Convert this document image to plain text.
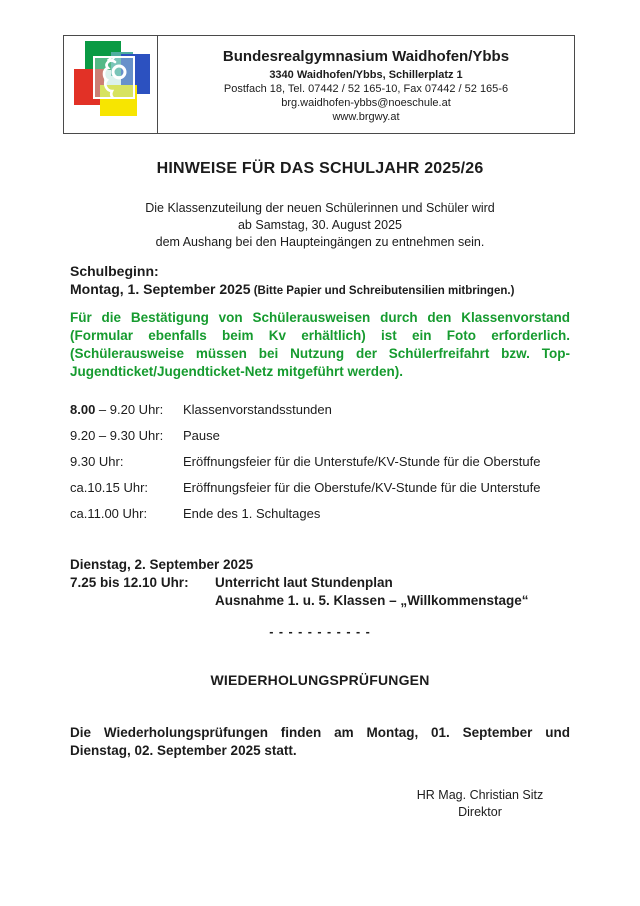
Bundesrealgymnasium Waidhofen/Ybbs
3340 Waidhofen/Ybbs, Schillerplatz 1
Postfach 18, Tel. 07442 / 52 165-10, Fax 07442 / 52 165-6
brg.waidhofen-ybbs@noeschule.at
www.brgwy.at
HINWEISE FÜR DAS SCHULJAHR 2025/26
Die Klassenzuteilung der neuen Schülerinnen und Schüler wird
ab Samstag, 30. August 2025
dem Aushang bei den Haupteingängen zu entnehmen sein.
Schulbeginn:
Montag, 1. September 2025 (Bitte Papier und Schreibutensilien mitbringen.)
Für die Bestätigung von Schülerausweisen durch den Klassenvorstand
(Formular ebenfalls beim Kv erhältlich) ist ein Foto erforderlich.
(Schülerausweise müssen bei Nutzung der Schülerfreifahrt bzw. Top-
Jugendticket/Jugendticket-Netz mitgeführt werden).
8.00 – 9.20 Uhr:	Klassenvorstandsstunden
9.20 – 9.30 Uhr:	Pause
9.30 Uhr:	Eröffnungsfeier für die Unterstufe/KV-Stunde für die Oberstufe
ca.10.15 Uhr:	Eröffnungsfeier für die Oberstufe/KV-Stunde für die Unterstufe
ca.11.00 Uhr:	Ende des 1. Schultages
Dienstag, 2. September 2025
7.25 bis 12.10 Uhr:	Unterricht laut Stundenplan
Ausnahme 1. u. 5. Klassen – „Willkommenstage“
- - - - - - - - - - -
WIEDERHOLUNGSPRÜFUNGEN
Die Wiederholungsprüfungen finden am Montag, 01. September und
Dienstag, 02. September 2025 statt.
HR Mag. Christian Sitz
Direktor
